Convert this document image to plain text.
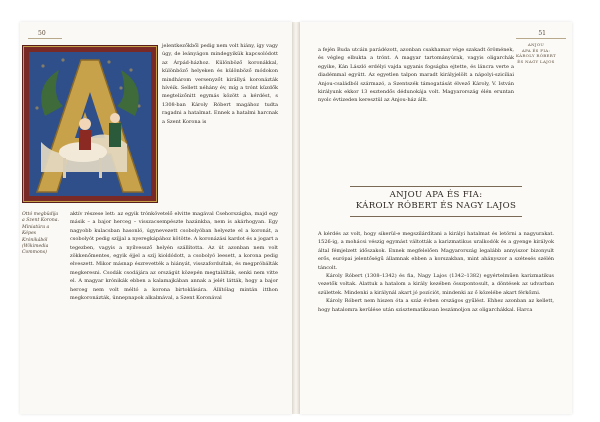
50

jelentkezőkből pedig nem volt hiány, így vagy úgy, de leányágon mindegyikük kapcsolódott az Árpád-házhoz. Különböző koronákkal, különböző helyeken és különböző módokon mindhárom versenyzőt királlyá koronázták hívéik. Sellett néhány év, míg a trónt küzdők megtelizőnitt egymás között a kérdést, s 1308-ban Károly Róbert magához tudta ragadni a hatalmat. Ennek a hatalmi harcnak a Szent Korona is

Ottó megbüdíja a Szent Korona. Miniatúra a Képes Krónikából (Wikimedia Commons)

aktív részese lett: az egyik trónkövetelő elvitte magával Csehországba, majd egy másik – a bajor herceg – visszacsempészte hazánkba, nem is akárhogyan. Egy nagyobb kulacsban hasonló, úgynevezett csobolyóban helyezte el a koronát, a csobolyót pedig szíjjal a nyeregkápához kötötte. A koronázási kardot és a jogart a tegezben, vagyis a nyílvessző helyén szállította. Az út azonban nem volt zökkenőmentes, egyik éjjel a szíj kioldódott, a csobolyó leesett, a korona pedig elveszett. Mikor másnap észrevették a hiányát, visszafordultak, és megpróbálták megkeresni. Csodák csodájára az országút közepén megtalálták, senki nem vitte el. A magyar krónikák ebben a kalamajkában annak a jelét látták, hogy a bajor herceg nem volt méltó a korona birtoklására. Állítólag mintán itthon megkoronázták, ünnepnapok alkalmával, a Szent Koronával

51
ANJOU
APA ÉS FIA:
KÁROLY RÓBERT
ÉS NAGY LAJOS

a fején Buda utcáin parádézott, azonban csakhamar vége szakadt örömének, és végleg elbukta a trónt. A magyar tartományúrak, vagyis oligarchák egyike, Kán László erdélyi vajda ugyanis fogságba ejtette, és láncra verte a diadémmal együtt. Az egyetlen talpon maradt királyjelölt a nápolyi-szicíliai Anjou-családból származó, a Szentszék támogatását élvező Károly, V. István királyunk ekkor 13 esztendős dédunokája volt. Magyarország élén eruntan nyolc évtizeden keresztül az Anjou-ház állt.

ANJOU APA ÉS FIA:
KÁROLY RÓBERT ÉS NAGY LAJOS

A kérdés az volt, hogy sikerül-e megszilárdítani a királyi hatalmat és letörni a nagyurakat. 1526-ig, a mohácsi vészig egymást váltották a karizmatikus uralkodók és a gyenge királyok által fémjelzett időszakok. Ennek megfelelően Magyarország legalább annyiszor bizonyult erős, európai jelentőségű államnak ebben a korszakban, mint ahányszor a szétesés szélén táncolt.

Károly Róbert (1308–1342) és fia, Nagy Lajos (1342–1382) egyértelműen karizmatikus vezetők voltak. Alattuk a hatalom a király kezében összpontosult, a döntések az udvarban születtek. Mindenki a királynál akart jó pozíciót, mindenki az ő közelébe akart férkőzni.

Károly Róbert nem hiszen óta a száz évben országos gyűlést. Ehhez azonban az kellett, hogy hatalomra kerülése után szisztematikusan leszámoljon az oligarchákkal. Harca
